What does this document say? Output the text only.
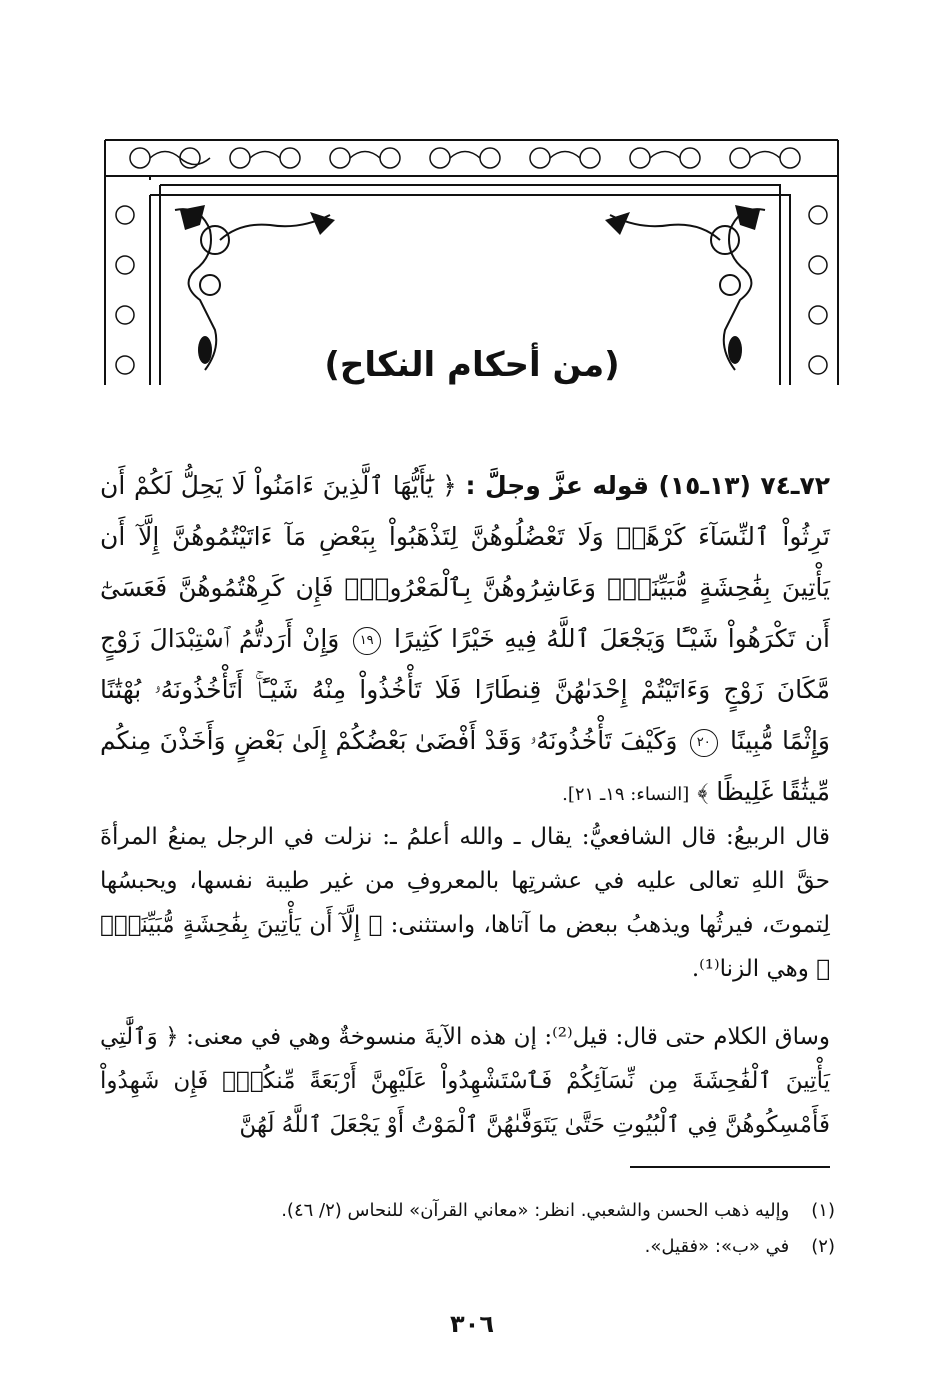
(من أحكام النكاح)
٧٢ـ٧٤ (١٣ـ١٥) قوله عزَّ وجلَّ : ﴿ يَٰٓأَيُّهَا ٱلَّذِينَ ءَامَنُواْ لَا يَحِلُّ لَكُمْ أَن تَرِثُواْ ٱلنِّسَآءَ كَرْهًاۖ وَلَا تَعْضُلُوهُنَّ لِتَذْهَبُواْ بِبَعْضِ مَآ ءَاتَيْتُمُوهُنَّ إِلَّآ أَن يَأْتِينَ بِفَٰحِشَةٍ مُّبَيِّنَةٍۚ وَعَاشِرُوهُنَّ بِٱلْمَعْرُوفِۚ فَإِن كَرِهْتُمُوهُنَّ فَعَسَىٰٓ أَن تَكْرَهُواْ شَيْـًٔا وَيَجْعَلَ ٱللَّهُ فِيهِ خَيْرًا كَثِيرًا ١٩ وَإِنْ أَرَدتُّمُ ٱسْتِبْدَالَ زَوْجٍ مَّكَانَ زَوْجٍ وَءَاتَيْتُمْ إِحْدَىٰهُنَّ قِنطَارًا فَلَا تَأْخُذُواْ مِنْهُ شَيْـًٔاۚ أَتَأْخُذُونَهُۥ بُهْتَٰنًا وَإِثْمًا مُّبِينًا ٢٠ وَكَيْفَ تَأْخُذُونَهُۥ وَقَدْ أَفْضَىٰ بَعْضُكُمْ إِلَىٰ بَعْضٍ وَأَخَذْنَ مِنكُم مِّيثَٰقًا غَلِيظًا ﴾ [النساء: ١٩ـ ٢١].
قال الربيعُ: قال الشافعيُّ: يقال ـ والله أعلمُ ـ: نزلت في الرجل يمنعُ المرأةَ حقَّ اللهِ تعالى عليه في عشرتِها بالمعروفِ من غير طيبة نفسها، ويحبسُها لِتموتَ، فيرثُها ويذهبُ ببعض ما آتاها، واستثنى: ﴿ إِلَّآ أَن يَأْتِينَ بِفَٰحِشَةٍ مُّبَيِّنَةٍۚ ﴾ وهي الزنا⁽¹⁾.
وساق الكلام حتى قال: قيل⁽²⁾: إن هذه الآيةَ منسوخةٌ وهي في معنى: ﴿ وَٱلَّٰتِي يَأْتِينَ ٱلْفَٰحِشَةَ مِن نِّسَآئِكُمْ فَٱسْتَشْهِدُواْ عَلَيْهِنَّ أَرْبَعَةً مِّنكُمْۖ فَإِن شَهِدُواْ فَأَمْسِكُوهُنَّ فِي ٱلْبُيُوتِ حَتَّىٰ يَتَوَفَّىٰهُنَّ ٱلْمَوْتُ أَوْ يَجْعَلَ ٱللَّهُ لَهُنَّ
(١) وإليه ذهب الحسن والشعبي. انظر: «معاني القرآن» للنحاس (٢/ ٤٦).
(٢) في «ب»: «فقيل».
٣٠٦
